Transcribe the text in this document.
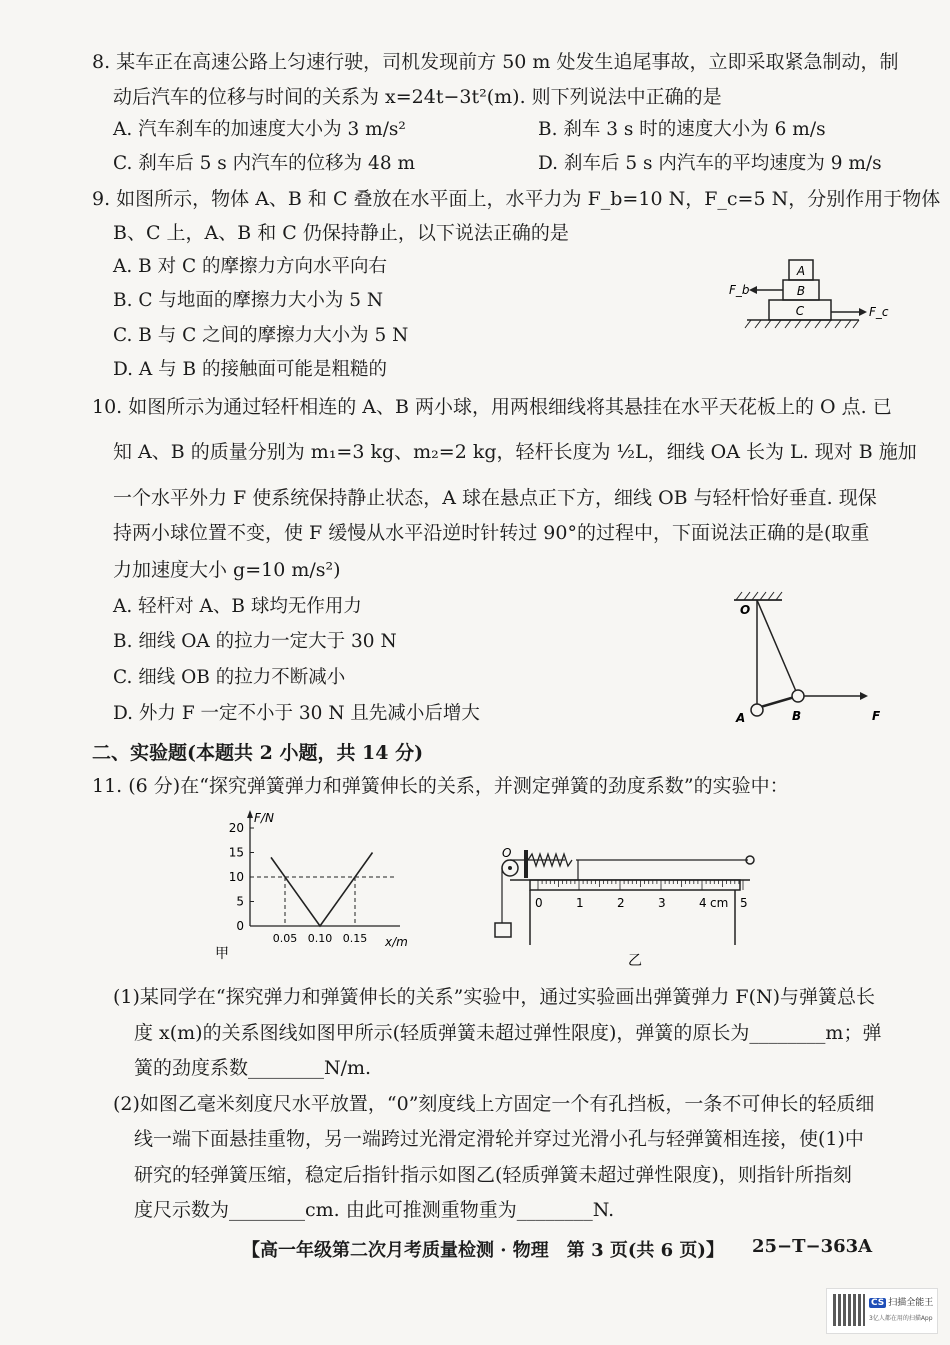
8. 某车正在高速公路上匀速行驶，司机发现前方 50 m 处发生追尾事故，立即采取紧急制动，制
动后汽车的位移与时间的关系为 x=24t−3t²(m). 则下列说法中正确的是
A. 汽车刹车的加速度大小为 3 m/s²	B. 刹车 3 s 时的速度大小为 6 m/s
C. 刹车后 5 s 内汽车的位移为 48 m	D. 刹车后 5 s 内汽车的平均速度为 9 m/s
9. 如图所示，物体 A、B 和 C 叠放在水平面上，水平力为 F_b=10 N，F_c=5 N，分别作用于物体
B、C 上，A、B 和 C 仍保持静止，以下说法正确的是
A. B 对 C 的摩擦力方向水平向右
B. C 与地面的摩擦力大小为 5 N
C. B 与 C 之间的摩擦力大小为 5 N
D. A 与 B 的接触面可能是粗糙的
A
B
C
F_b
F_c
10. 如图所示为通过轻杆相连的 A、B 两小球，用两根细线将其悬挂在水平天花板上的 O 点. 已
知 A、B 的质量分别为 m₁=3 kg、m₂=2 kg，轻杆长度为 ½L，细线 OA 长为 L. 现对 B 施加
一个水平外力 F 使系统保持静止状态，A 球在悬点正下方，细线 OB 与轻杆恰好垂直. 现保
持两小球位置不变，使 F 缓慢从水平沿逆时针转过 90°的过程中，下面说法正确的是(取重
力加速度大小 g=10 m/s²)
A. 轻杆对 A、B 球均无作用力
B. 细线 OA 的拉力一定大于 30 N
C. 细线 OB 的拉力不断减小
D. 外力 F 一定不小于 30 N 且先减小后增大
O
A	B	F
二、实验题(本题共 2 小题，共 14 分)
11. (6 分)在“探究弹簧弹力和弹簧伸长的关系，并测定弹簧的劲度系数”的实验中：
F/N
x/m
0
5
10
15
20
0.05 0.10 0.15
甲
O
0	1	2	3	4	5
cm
乙
(1)某同学在“探究弹力和弹簧伸长的关系”实验中，通过实验画出弹簧弹力 F(N)与弹簧总长
度 x(m)的关系图线如图甲所示(轻质弹簧未超过弹性限度)，弹簧的原长为________m；弹
簧的劲度系数________N/m.
(2)如图乙毫米刻度尺水平放置，“0”刻度线上方固定一个有孔挡板，一条不可伸长的轻质细
线一端下面悬挂重物，另一端跨过光滑定滑轮并穿过光滑小孔与轻弹簧相连接，使(1)中
研究的轻弹簧压缩，稳定后指针指示如图乙(轻质弹簧未超过弹性限度)，则指针所指刻
度尺示数为________cm. 由此可推测重物重为________N.
【高一年级第二次月考质量检测 · 物理　第 3 页(共 6 页)】 25−T−363A
CS 扫描全能王
3亿人都在用的扫描App
